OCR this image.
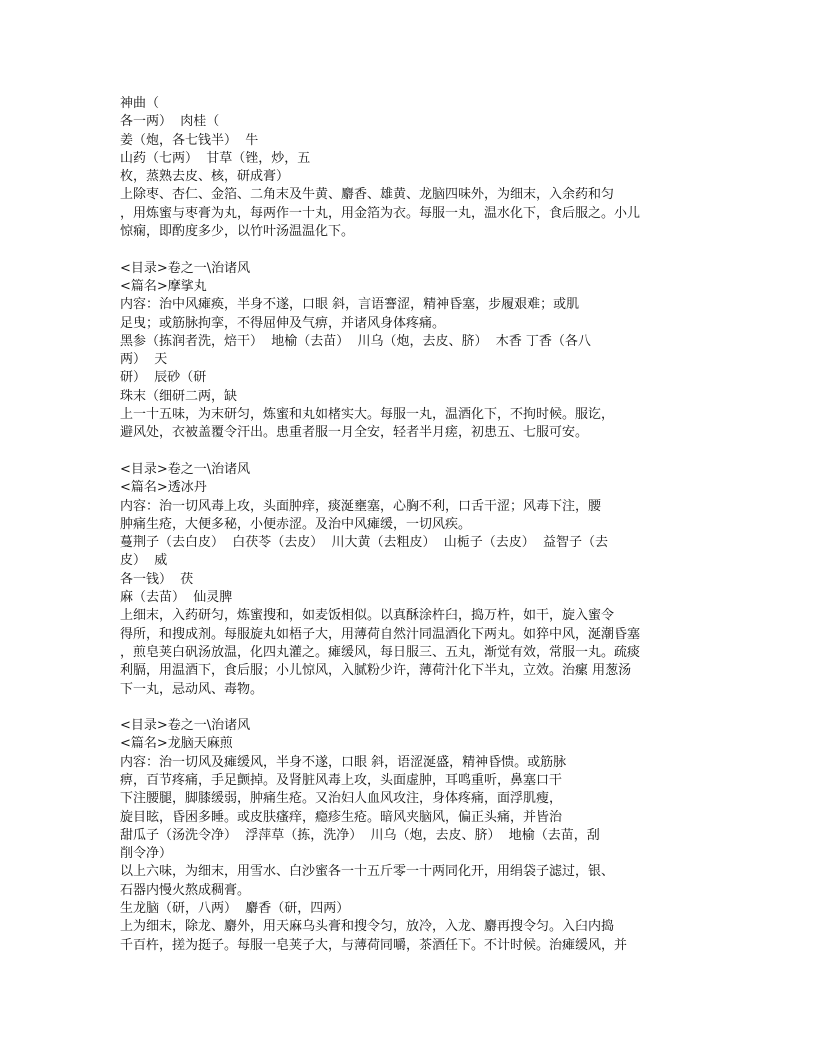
神曲（
各一两）  肉桂（
姜（炮，各七钱半）  牛
山药（七两）  甘草（锉，炒，五
枚，蒸熟去皮、核，研成膏）
上除枣、杏仁、金箔、二角末及牛黄、麝香、雄黄、龙脑四味外，为细末，入余药和匀
，用炼蜜与枣膏为丸，每两作一十丸，用金箔为衣。每服一丸，温水化下，食后服之。小儿
惊痫，即酌度多少，以竹叶汤温温化下。
<目录>卷之一\治诸风
<篇名>摩挲丸
内容：治中风瘫痪，半身不遂，口眼 斜，言语謇涩，精神昏塞，步履艰难；或肌
足曳；或筋脉拘挛，不得屈伸及气痹，并诸风身体疼痛。
黑参（拣润者洗，焙干）  地榆（去苗）  川乌（炮，去皮、脐）  木香 丁香（各八
两）  天
研）  辰砂（研
珠末（细研二两，缺
上一十五味，为末研匀，炼蜜和丸如楮实大。每服一丸，温酒化下，不拘时候。服讫，
避风处，衣被盖覆令汗出。患重者服一月全安，轻者半月瘥，初患五、七服可安。
<目录>卷之一\治诸风
<篇名>透冰丹
内容：治一切风毒上攻，头面肿痒，痰涎壅塞，心胸不利，口舌干涩；风毒下注，腰
肿痛生疮，大便多秘，小便赤涩。及治中风瘫缓，一切风疾。
蔓荆子（去白皮）  白茯苓（去皮）  川大黄（去粗皮）  山栀子（去皮）  益智子（去
皮）  威
各一钱）  茯
麻（去苗）  仙灵脾
上细末，入药研匀，炼蜜搜和，如麦饭相似。以真酥涂杵臼，捣万杵，如干，旋入蜜令
得所，和搜成剂。每服旋丸如梧子大，用薄荷自然汁同温酒化下两丸。如猝中风，涎潮昏塞
，煎皂荚白矾汤放温，化四丸灌之。瘫缓风，每日服三、五丸，渐觉有效，常服一丸。疏痰
利膈，用温酒下，食后服；小儿惊风，入腻粉少许，薄荷汁化下半丸，立效。治瘰 用葱汤
下一丸，忌动风、毒物。
<目录>卷之一\治诸风
<篇名>龙脑天麻煎
内容：治一切风及瘫缓风，半身不遂，口眼 斜，语涩涎盛，精神昏愦。或筋脉
痹，百节疼痛，手足颤掉。及肾脏风毒上攻，头面虚肿，耳鸣重听，鼻塞口干
下注腰腿，脚膝缓弱，肿痛生疮。又治妇人血风攻注，身体疼痛，面浮肌瘦，
旋目眩，昏困多睡。或皮肤瘙痒，瘾疹生疮。暗风夹脑风，偏正头痛，并皆治
甜瓜子（汤洗令净）  浮萍草（拣，洗净）  川乌（炮，去皮、脐）  地榆（去苗，刮
削令净）
以上六味，为细末，用雪水、白沙蜜各一十五斤零一十两同化开，用绢袋子滤过，银、
石器内慢火熬成稠膏。
生龙脑（研，八两）  麝香（研，四两）
上为细末，除龙、麝外，用天麻乌头膏和搜令匀，放冷，入龙、麝再搜令匀。入臼内捣
千百杵，搓为挺子。每服一皂荚子大，与薄荷同嚼，茶酒任下。不计时候。治瘫缓风，并
